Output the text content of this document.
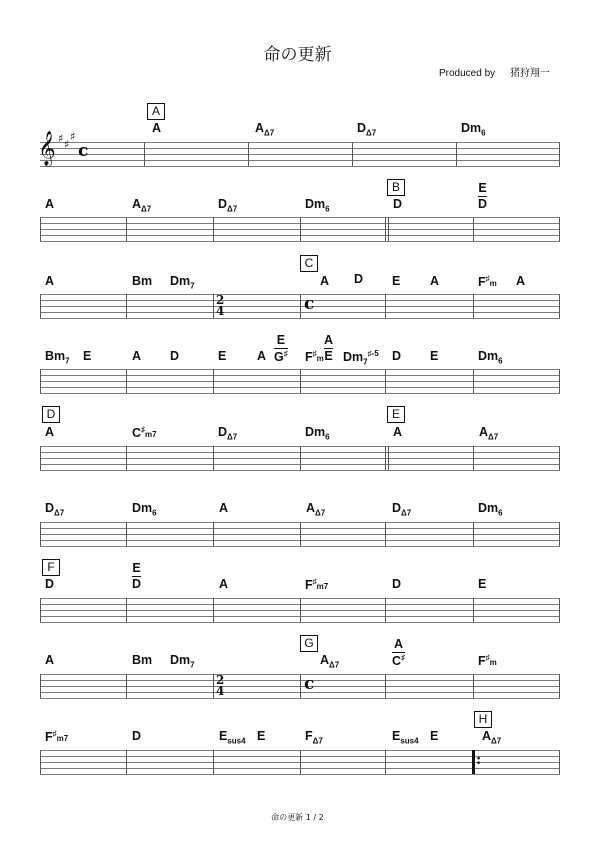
命の更新
Produced by 猪狩翔一
A
A	$A_{\Delta 7}$	$D_{\Delta 7}$	$Dm_6$
𝄞 ♯ ♯
♯
c
B
A	$A_{\Delta 7}$	$D_{\Delta 7}$	$Dm_6$	D
E
D
C
A	Bm $Dm_7$	A D E A	F♯m A
2
4	c
$Bm_7$ E	A D	E A
E
G♯ F♯m
A
E $Dm_7^{♯-5}$ D E	$Dm_6$
D	E
A	C♯m7	$D_{\Delta 7}$	$Dm_6$	A	$A_{\Delta 7}$
$D_{\Delta 7}$	$Dm_6$	A	$A_{\Delta 7}$	$D_{\Delta 7}$	$Dm_6$
F
D
E
D	A	F♯m7	D	E
G
A	Bm $Dm_7$	$A_{\Delta 7}$
A
C♯	F♯m
2
4	c
H
F♯m7	D	$E_{sus4}$ E	$F_{\Delta 7}$	$E_{sus4}$ E	$A_{\Delta 7}$
:
命の更新 1 / 2
